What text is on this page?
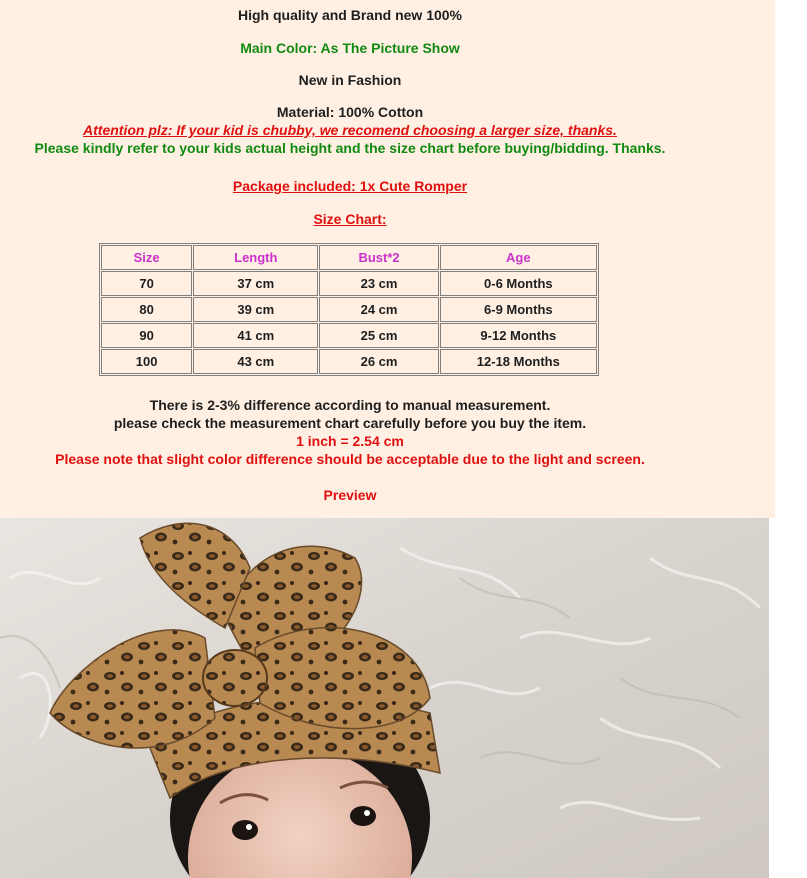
High quality and Brand new 100%
Main Color: As The Picture Show
New in Fashion
Material: 100% Cotton
Attention plz: If your kid is chubby, we recomend choosing a larger size, thanks.
Please kindly refer to your kids actual height and the size chart before buying/bidding. Thanks.
Package included: 1x Cute Romper
Size Chart:
Size	Length	Bust*2	Age
70	37 cm	23 cm	0-6 Months
80	39 cm	24 cm	6-9 Months
90	41 cm	25 cm	9-12 Months
100	43 cm	26 cm	12-18 Months
There is 2-3% difference according to manual measurement.
please check the measurement chart carefully before you buy the item.
1 inch = 2.54 cm
Please note that slight color difference should be acceptable due to the light and screen.
Preview
